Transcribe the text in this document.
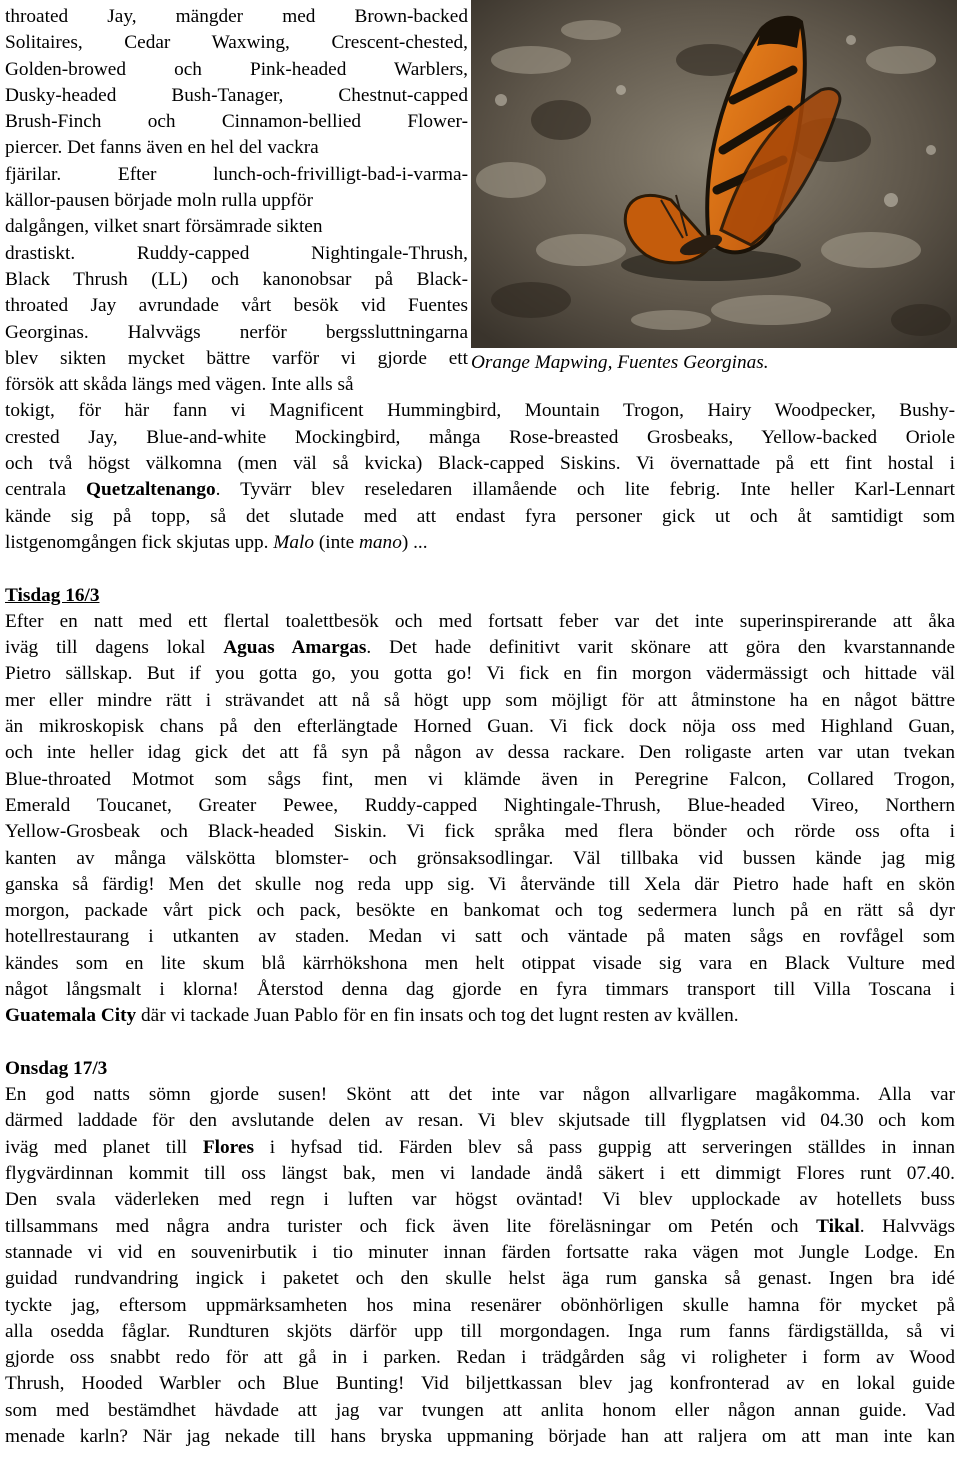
Orange Mapwing, Fuentes Georginas.
throated Jay, mängder med Brown-backed
Solitaires, Cedar Waxwing, Crescent-chested,
Golden-browed och Pink-headed Warblers,
Dusky-headed Bush-Tanager, Chestnut-capped
Brush-Finch och Cinnamon-bellied Flower-
piercer. Det fanns även en hel del vackra
fjärilar. Efter lunch-och-frivilligt-bad-i-varma-
källor-pausen började moln rulla uppför
dalgången, vilket snart försämrade sikten
drastiskt. Ruddy-capped Nightingale-Thrush,
Black Thrush (LL) och kanonobsar på Black-
throated Jay avrundade vårt besök vid Fuentes
Georginas. Halvvägs nerför bergssluttningarna
blev sikten mycket bättre varför vi gjorde ett
försök att skåda längs med vägen. Inte alls så
tokigt, för här fann vi Magnificent Hummingbird, Mountain Trogon, Hairy Woodpecker, Bushy-
crested Jay, Blue-and-white Mockingbird, många Rose-breasted Grosbeaks, Yellow-backed Oriole
och två högst välkomna (men väl så kvicka) Black-capped Siskins. Vi övernattade på ett fint hostal i
centrala Quetzaltenango. Tyvärr blev reseledaren illamående och lite febrig. Inte heller Karl-Lennart
kände sig på topp, så det slutade med att endast fyra personer gick ut och åt samtidigt som
listgenomgången fick skjutas upp. Malo (inte mano) ...
Tisdag 16/3
Efter en natt med ett flertal toalettbesök och med fortsatt feber var det inte superinspirerande att åka
iväg till dagens lokal Aguas Amargas. Det hade definitivt varit skönare att göra den kvarstannande
Pietro sällskap. But if you gotta go, you gotta go! Vi fick en fin morgon vädermässigt och hittade väl
mer eller mindre rätt i strävandet att nå så högt upp som möjligt för att åtminstone ha en något bättre
än mikroskopisk chans på den efterlängtade Horned Guan. Vi fick dock nöja oss med Highland Guan,
och inte heller idag gick det att få syn på någon av dessa rackare. Den roligaste arten var utan tvekan
Blue-throated Motmot som sågs fint, men vi klämde även in Peregrine Falcon, Collared Trogon,
Emerald Toucanet, Greater Pewee, Ruddy-capped Nightingale-Thrush, Blue-headed Vireo, Northern
Yellow-Grosbeak och Black-headed Siskin. Vi fick språka med flera bönder och rörde oss ofta i
kanten av många välskötta blomster- och grönsaksodlingar. Väl tillbaka vid bussen kände jag mig
ganska så färdig! Men det skulle nog reda upp sig. Vi återvände till Xela där Pietro hade haft en skön
morgon, packade vårt pick och pack, besökte en bankomat och tog sedermera lunch på en rätt så dyr
hotellrestaurang i utkanten av staden. Medan vi satt och väntade på maten sågs en rovfågel som
kändes som en lite skum blå kärrhökshona men helt otippat visade sig vara en Black Vulture med
något långsmalt i klorna! Återstod denna dag gjorde en fyra timmars transport till Villa Toscana i
Guatemala City där vi tackade Juan Pablo för en fin insats och tog det lugnt resten av kvällen.
Onsdag 17/3
En god natts sömn gjorde susen! Skönt att det inte var någon allvarligare magåkomma. Alla var
därmed laddade för den avslutande delen av resan. Vi blev skjutsade till flygplatsen vid 04.30 och kom
iväg med planet till Flores i hyfsad tid. Färden blev så pass guppig att serveringen ställdes in innan
flygvärdinnan kommit till oss längst bak, men vi landade ändå säkert i ett dimmigt Flores runt 07.40.
Den svala väderleken med regn i luften var högst oväntad! Vi blev upplockade av hotellets buss
tillsammans med några andra turister och fick även lite föreläsningar om Petén och Tikal. Halvvägs
stannade vi vid en souvenirbutik i tio minuter innan färden fortsatte raka vägen mot Jungle Lodge. En
guidad rundvandring ingick i paketet och den skulle helst äga rum ganska så genast. Ingen bra idé
tyckte jag, eftersom uppmärksamheten hos mina resenärer obönhörligen skulle hamna för mycket på
alla osedda fåglar. Rundturen skjöts därför upp till morgondagen. Inga rum fanns färdigställda, så vi
gjorde oss snabbt redo för att gå in i parken. Redan i trädgården såg vi roligheter i form av Wood
Thrush, Hooded Warbler och Blue Bunting! Vid biljettkassan blev jag konfronterad av en lokal guide
som med bestämdhet hävdade att jag var tvungen att anlita honom eller någon annan guide. Vad
menade karln? När jag nekade till hans bryska uppmaning började han att raljera om att man inte kan
